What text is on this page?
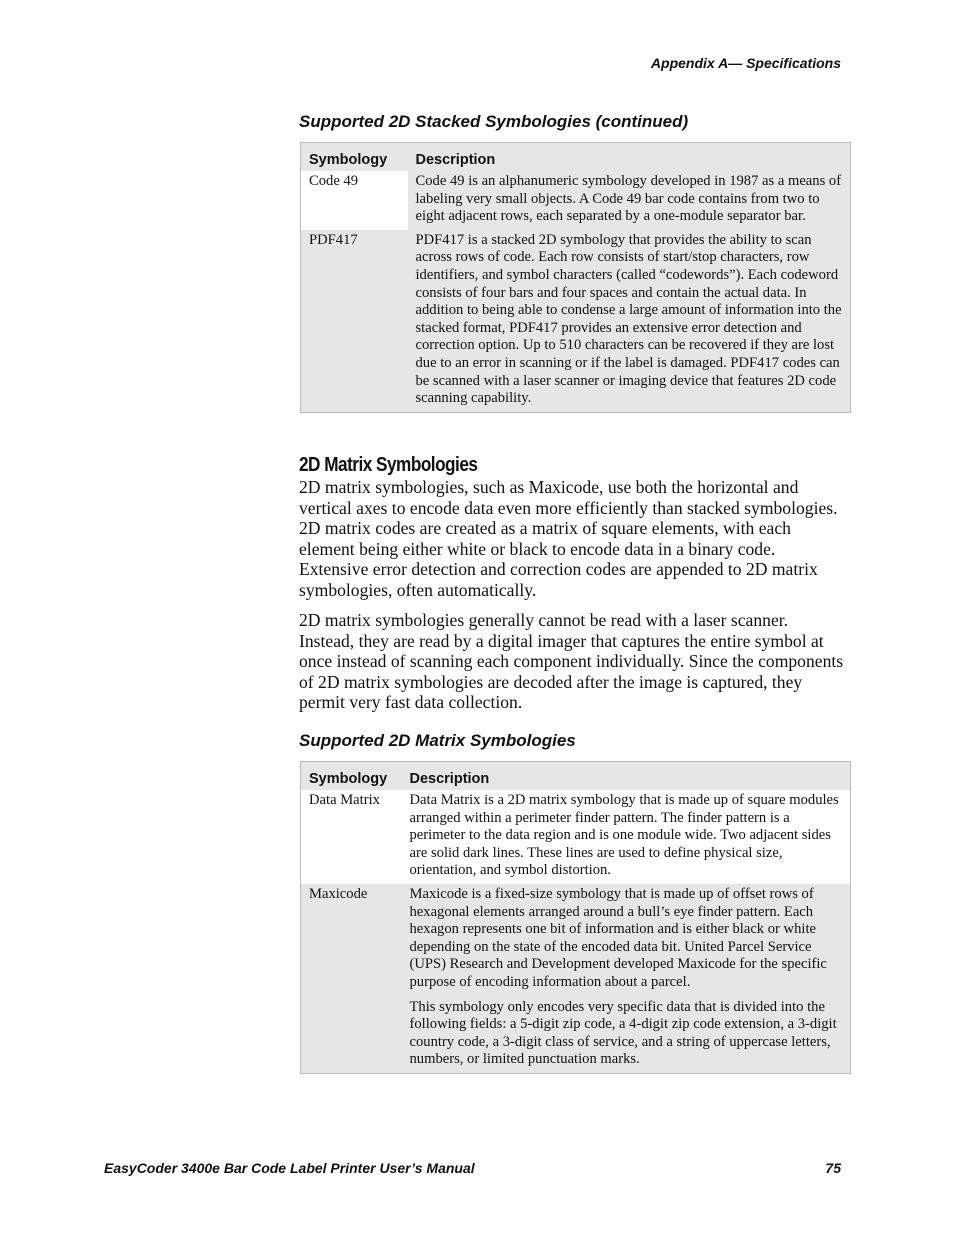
Appendix A— Specifications
Supported 2D Stacked Symbologies (continued)
Symbology	Description
Code 49	Code 49 is an alphanumeric symbology developed in 1987 as a means of labeling very small objects. A Code 49 bar code contains from two to eight adjacent rows, each separated by a one-module separator bar.

PDF417	PDF417 is a stacked 2D symbology that provides the ability to scan across rows of code. Each row consists of start/stop characters, row identifiers, and symbol characters (called “codewords”). Each codeword consists of four bars and four spaces and contain the actual data. In addition to being able to condense a large amount of information into the stacked format, PDF417 provides an extensive error detection and correction option. Up to 510 characters can be recovered if they are lost due to an error in scanning or if the label is damaged. PDF417 codes can be scanned with a laser scanner or imaging device that features 2D code scanning capability.

2D Matrix Symbologies

2D matrix symbologies, such as Maxicode, use both the horizontal and vertical axes to encode data even more efficiently than stacked symbologies. 2D matrix codes are created as a matrix of square elements, with each element being either white or black to encode data in a binary code. Extensive error detection and correction codes are appended to 2D matrix symbologies, often automatically.

2D matrix symbologies generally cannot be read with a laser scanner. Instead, they are read by a digital imager that captures the entire symbol at once instead of scanning each component individually. Since the components of 2D matrix symbologies are decoded after the image is captured, they permit very fast data collection.

Supported 2D Matrix Symbologies
Symbology	Description
Data Matrix	Data Matrix is a 2D matrix symbology that is made up of square modules arranged within a perimeter finder pattern. The finder pattern is a perimeter to the data region and is one module wide. Two adjacent sides are solid dark lines. These lines are used to define physical size, orientation, and symbol distortion.

Maxicode	Maxicode is a fixed-size symbology that is made up of offset rows of hexagonal elements arranged around a bull’s eye finder pattern. Each hexagon represents one bit of information and is either black or white depending on the state of the encoded data bit. United Parcel Service (UPS) Research and Development developed Maxicode for the specific purpose of encoding information about a parcel.

This symbology only encodes very specific data that is divided into the following fields: a 5-digit zip code, a 4-digit zip code extension, a 3-digit country code, a 3-digit class of service, and a string of uppercase letters, numbers, or limited punctuation marks.

EasyCoder 3400e Bar Code Label Printer User’s Manual	75
